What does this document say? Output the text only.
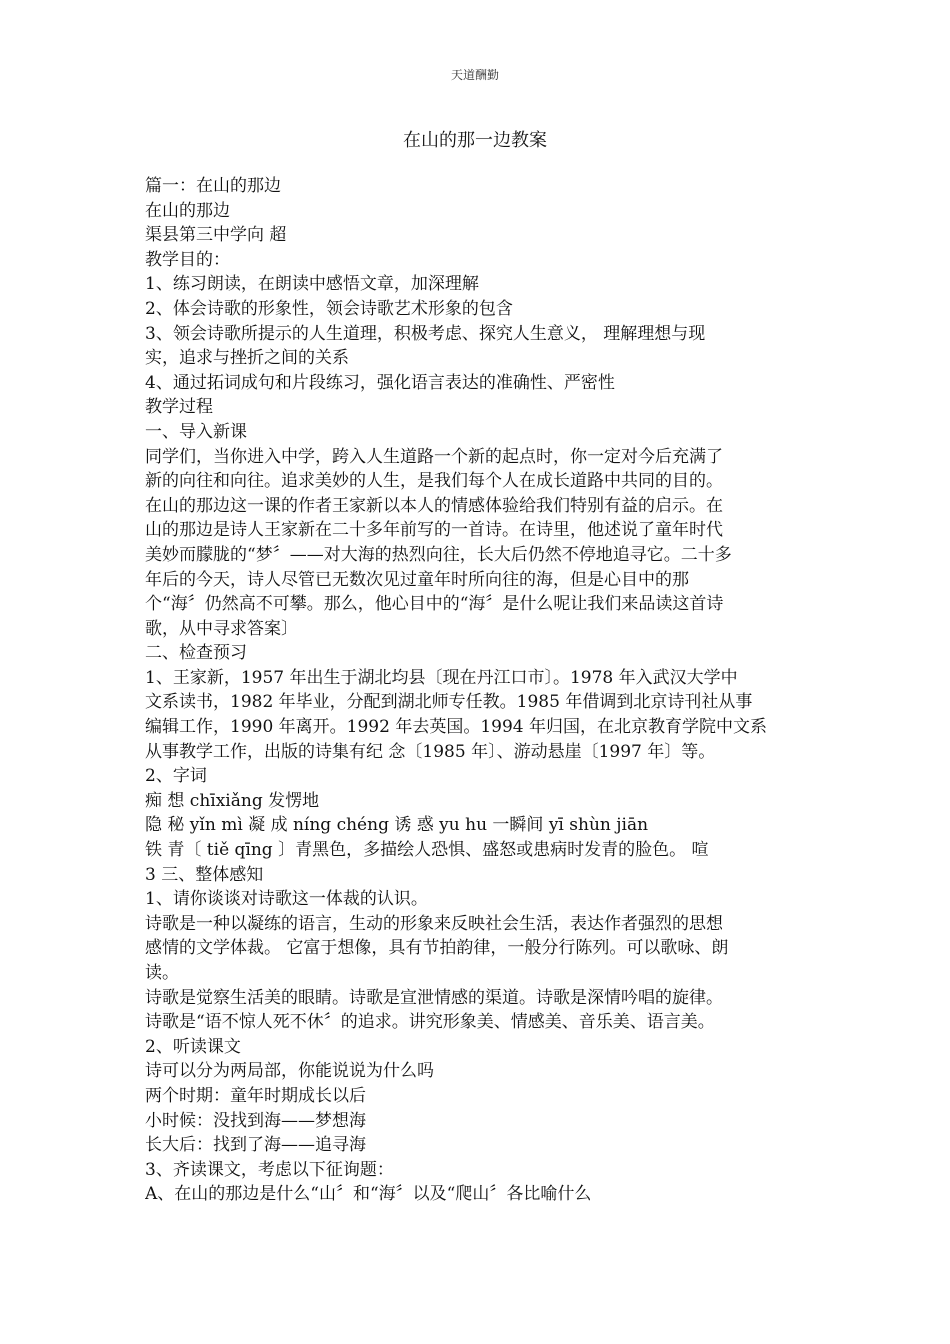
天道酬勤
在山的那一边教案
篇一：在山的那边
在山的那边
渠县第三中学向 超
教学目的：
1、练习朗读，在朗读中感悟文章，加深理解
2、体会诗歌的形象性，领会诗歌艺术形象的包含
3、领会诗歌所提示的人生道理，积极考虑、探究人生意义， 理解理想与现
实，追求与挫折之间的关系
4、通过拓词成句和片段练习，强化语言表达的准确性、严密性
教学过程
一、导入新课
同学们，当你进入中学，跨入人生道路一个新的起点时，你一定对今后充满了
新的向往和向往。追求美妙的人生，是我们每个人在成长道路中共同的目的。
在山的那边这一课的作者王家新以本人的情感体验给我们特别有益的启示。在
山的那边是诗人王家新在二十多年前写的一首诗。在诗里，他述说了童年时代
美妙而朦胧的“梦〞——对大海的热烈向往，长大后仍然不停地追寻它。二十多
年后的今天，诗人尽管已无数次见过童年时所向往的海，但是心目中的那
个“海〞仍然高不可攀。那么，他心目中的“海〞是什么呢让我们来品读这首诗
歌，从中寻求答案〕
二、检查预习
1、王家新，1957 年出生于湖北均县〔现在丹江口市〕。1978 年入武汉大学中
文系读书，1982 年毕业，分配到湖北师专任教。1985 年借调到北京诗刊社从事
编辑工作，1990 年离开。1992 年去英国。1994 年归国，在北京教育学院中文系
从事教学工作，出版的诗集有纪 念〔1985 年〕、游动悬崖〔1997 年〕等。
2、字词
痴 想 chīxiǎng 发愣地
隐 秘 yǐn mì 凝 成 níng chéng 诱 惑 yu hu 一瞬间 yī shùn jiān
铁 青〔 tiě qīng 〕青黑色，多描绘人恐惧、盛怒或患病时发青的脸色。 喧
3 三、整体感知
1、请你谈谈对诗歌这一体裁的认识。
诗歌是一种以凝练的语言，生动的形象来反映社会生活，表达作者强烈的思想
感情的文学体裁。 它富于想像，具有节拍韵律，一般分行陈列。可以歌咏、朗
读。
诗歌是觉察生活美的眼睛。诗歌是宣泄情感的渠道。诗歌是深情吟唱的旋律。
诗歌是“语不惊人死不休〞的追求。讲究形象美、情感美、音乐美、语言美。
2、听读课文
诗可以分为两局部，你能说说为什么吗
两个时期：童年时期成长以后
小时候：没找到海——梦想海
长大后：找到了海——追寻海
3、齐读课文，考虑以下征询题：
A、在山的那边是什么“山〞和“海〞以及“爬山〞各比喻什么
